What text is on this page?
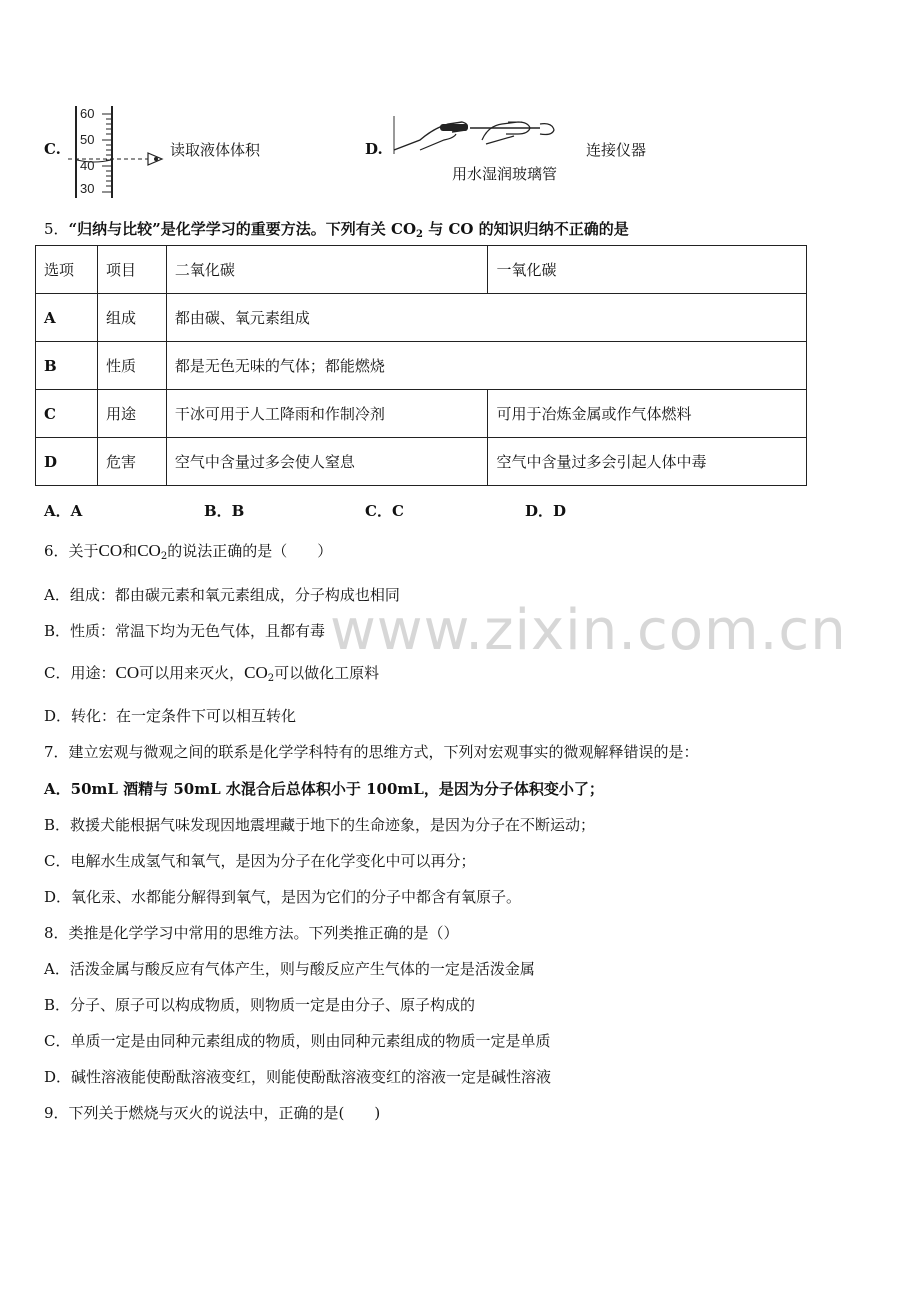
www.zixin.com.cn
C.
60
50
40
30
读取液体体积	D.
用水湿润玻璃管
连接仪器
5．“归纳与比较”是化学学习的重要方法。下列有关 $CO_2$ 与 CO 的知识归纳不正确的是
选项	项目	二氧化碳	一氧化碳
A	组成	都由碳、氧元素组成	
B	性质	都是无色无味的气体；都能燃烧	
C	用途	干冰可用于人工降雨和作制冷剂	可用于冶炼金属或作气体燃料
D	危害	空气中含量过多会使人窒息	空气中含量过多会引起人体中毒
A．A	B．B	C．C	D．D
6．关于CO和$CO_2$的说法正确的是（　　）
A．组成：都由碳元素和氧元素组成，分子构成也相同
B．性质：常温下均为无色气体，且都有毒
C．用途：CO可以用来灭火，$CO_2$可以做化工原料
D．转化：在一定条件下可以相互转化
7．建立宏观与微观之间的联系是化学学科特有的思维方式，下列对宏观事实的微观解释错误的是：
A．50mL 酒精与 50mL 水混合后总体积小于 100mL，是因为分子体积变小了；
B．救援犬能根据气味发现因地震埋藏于地下的生命迹象，是因为分子在不断运动；
C．电解水生成氢气和氧气，是因为分子在化学变化中可以再分；
D．氧化汞、水都能分解得到氧气，是因为它们的分子中都含有氧原子。
8．类推是化学学习中常用的思维方法。下列类推正确的是（）
A．活泼金属与酸反应有气体产生，则与酸反应产生气体的一定是活泼金属
B．分子、原子可以构成物质，则物质一定是由分子、原子构成的
C．单质一定是由同种元素组成的物质，则由同种元素组成的物质一定是单质
D．碱性溶液能使酚酞溶液变红，则能使酚酞溶液变红的溶液一定是碱性溶液
9．下列关于燃烧与灭火的说法中，正确的是(　　)
